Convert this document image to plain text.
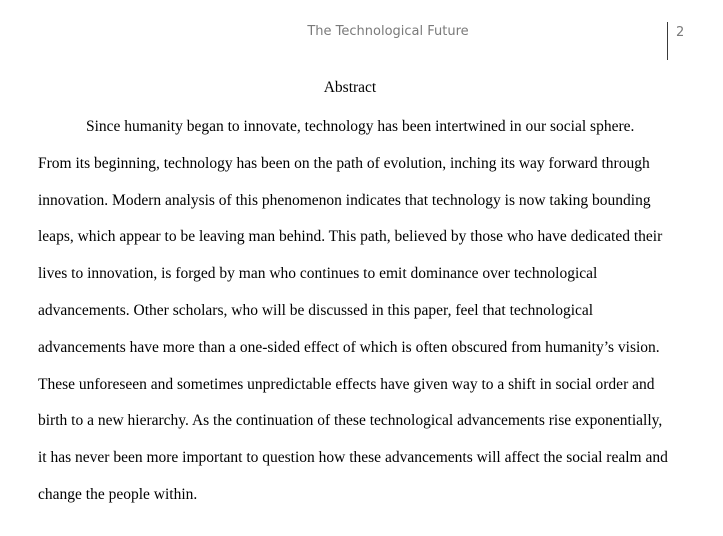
The Technological Future	2
Abstract

Since humanity began to innovate, technology has been intertwined in our social sphere. From its beginning, technology has been on the path of evolution, inching its way forward through innovation. Modern analysis of this phenomenon indicates that technology is now taking bounding leaps, which appear to be leaving man behind. This path, believed by those who have dedicated their lives to innovation, is forged by man who continues to emit dominance over technological advancements. Other scholars, who will be discussed in this paper, feel that technological advancements have more than a one-sided effect of which is often obscured from humanity’s vision. These unforeseen and sometimes unpredictable effects have given way to a shift in social order and birth to a new hierarchy. As the continuation of these technological advancements rise exponentially, it has never been more important to question how these advancements will affect the social realm and change the people within.
